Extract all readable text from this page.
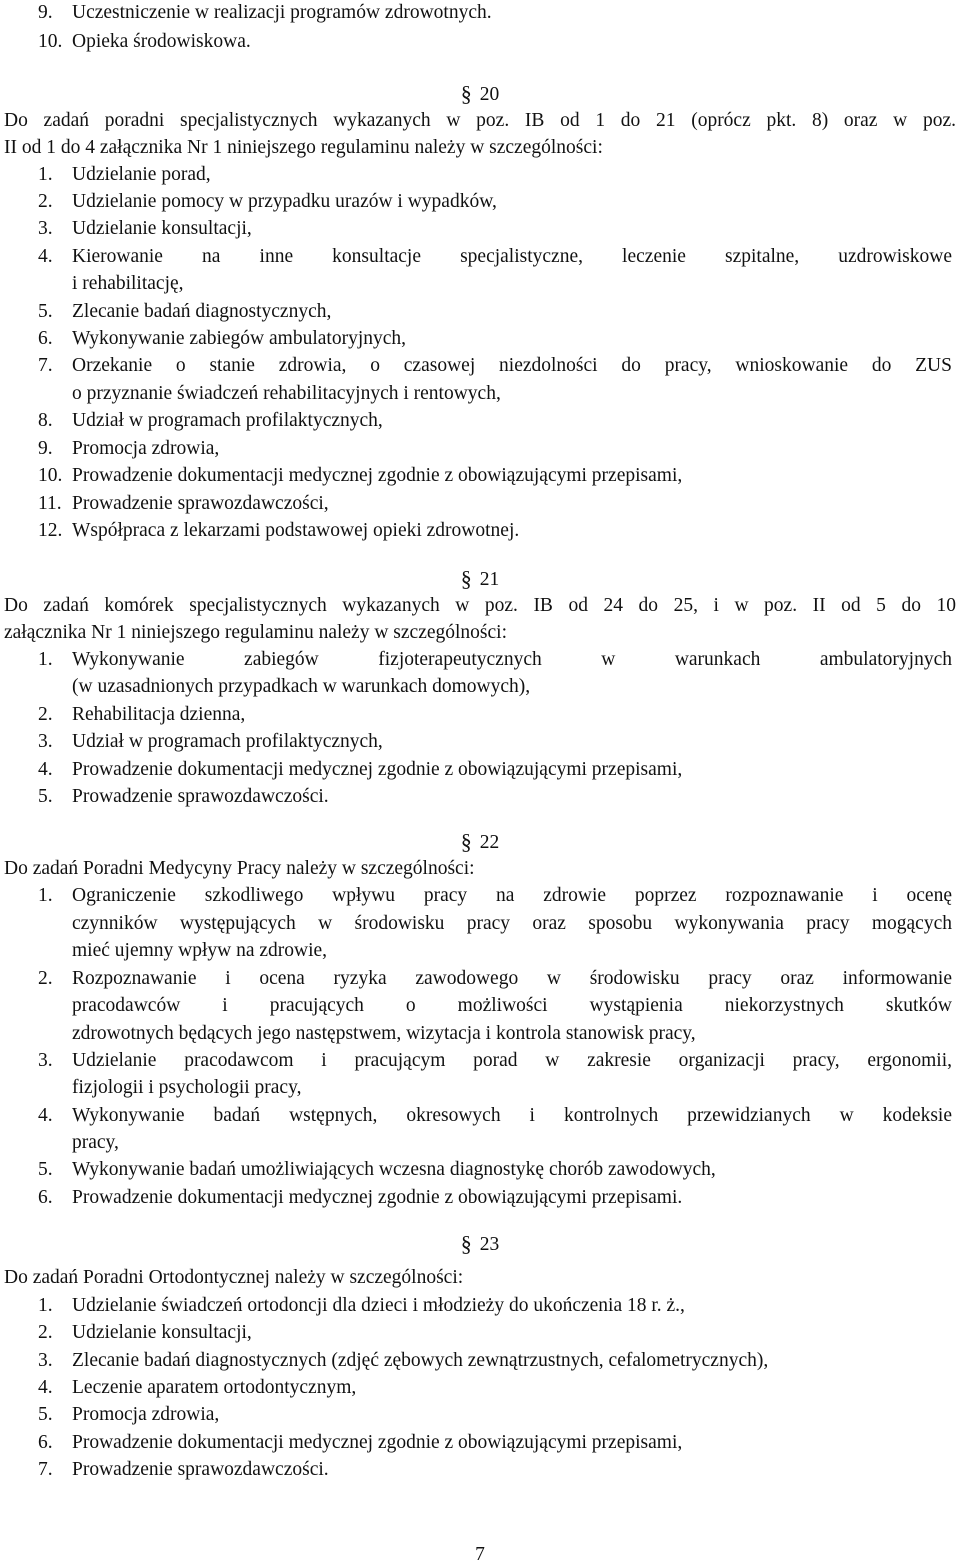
9. Uczestniczenie w realizacji programów zdrowotnych.
10. Opieka środowiskowa.
§ 20
Do zadań poradni specjalistycznych wykazanych w poz. IB od 1 do 21 (oprócz pkt. 8) oraz w poz.
II od 1 do 4 załącznika Nr 1 niniejszego regulaminu należy w szczególności:
1. Udzielanie porad,
2. Udzielanie pomocy w przypadku urazów i wypadków,
3. Udzielanie konsultacji,
4. Kierowanie na inne konsultacje specjalistyczne, leczenie szpitalne, uzdrowiskowe
i rehabilitację,
5. Zlecanie badań diagnostycznych,
6. Wykonywanie zabiegów ambulatoryjnych,
7. Orzekanie o stanie zdrowia, o czasowej niezdolności do pracy, wnioskowanie do ZUS
o przyznanie świadczeń rehabilitacyjnych i rentowych,
8. Udział w programach profilaktycznych,
9. Promocja zdrowia,
10. Prowadzenie dokumentacji medycznej zgodnie z obowiązującymi przepisami,
11. Prowadzenie sprawozdawczości,
12. Współpraca z lekarzami podstawowej opieki zdrowotnej.
§ 21
Do zadań komórek specjalistycznych wykazanych w poz. IB od 24 do 25, i w poz. II od 5 do 10
załącznika Nr 1 niniejszego regulaminu należy w szczególności:
1. Wykonywanie zabiegów fizjoterapeutycznych w warunkach ambulatoryjnych
(w uzasadnionych przypadkach w warunkach domowych),
2. Rehabilitacja dzienna,
3. Udział w programach profilaktycznych,
4. Prowadzenie dokumentacji medycznej zgodnie z obowiązującymi przepisami,
5. Prowadzenie sprawozdawczości.
§ 22
Do zadań Poradni Medycyny Pracy należy w szczególności:
1. Ograniczenie szkodliwego wpływu pracy na zdrowie poprzez rozpoznawanie i ocenę
czynników występujących w środowisku pracy oraz sposobu wykonywania pracy mogących
mieć ujemny wpływ na zdrowie,
2. Rozpoznawanie i ocena ryzyka zawodowego w środowisku pracy oraz informowanie
pracodawców i pracujących o możliwości wystąpienia niekorzystnych skutków
zdrowotnych będących jego następstwem, wizytacja i kontrola stanowisk pracy,
3. Udzielanie pracodawcom i pracującym porad w zakresie organizacji pracy, ergonomii,
fizjologii i psychologii pracy,
4. Wykonywanie badań wstępnych, okresowych i kontrolnych przewidzianych w kodeksie
pracy,
5. Wykonywanie badań umożliwiających wczesna diagnostykę chorób zawodowych,
6. Prowadzenie dokumentacji medycznej zgodnie z obowiązującymi przepisami.
§ 23
Do zadań Poradni Ortodontycznej należy w szczególności:
1. Udzielanie świadczeń ortodoncji dla dzieci i młodzieży do ukończenia 18 r. ż.,
2. Udzielanie konsultacji,
3. Zlecanie badań diagnostycznych (zdjęć zębowych zewnątrzustnych, cefalometrycznych),
4. Leczenie aparatem ortodontycznym,
5. Promocja zdrowia,
6. Prowadzenie dokumentacji medycznej zgodnie z obowiązującymi przepisami,
7. Prowadzenie sprawozdawczości.
7
